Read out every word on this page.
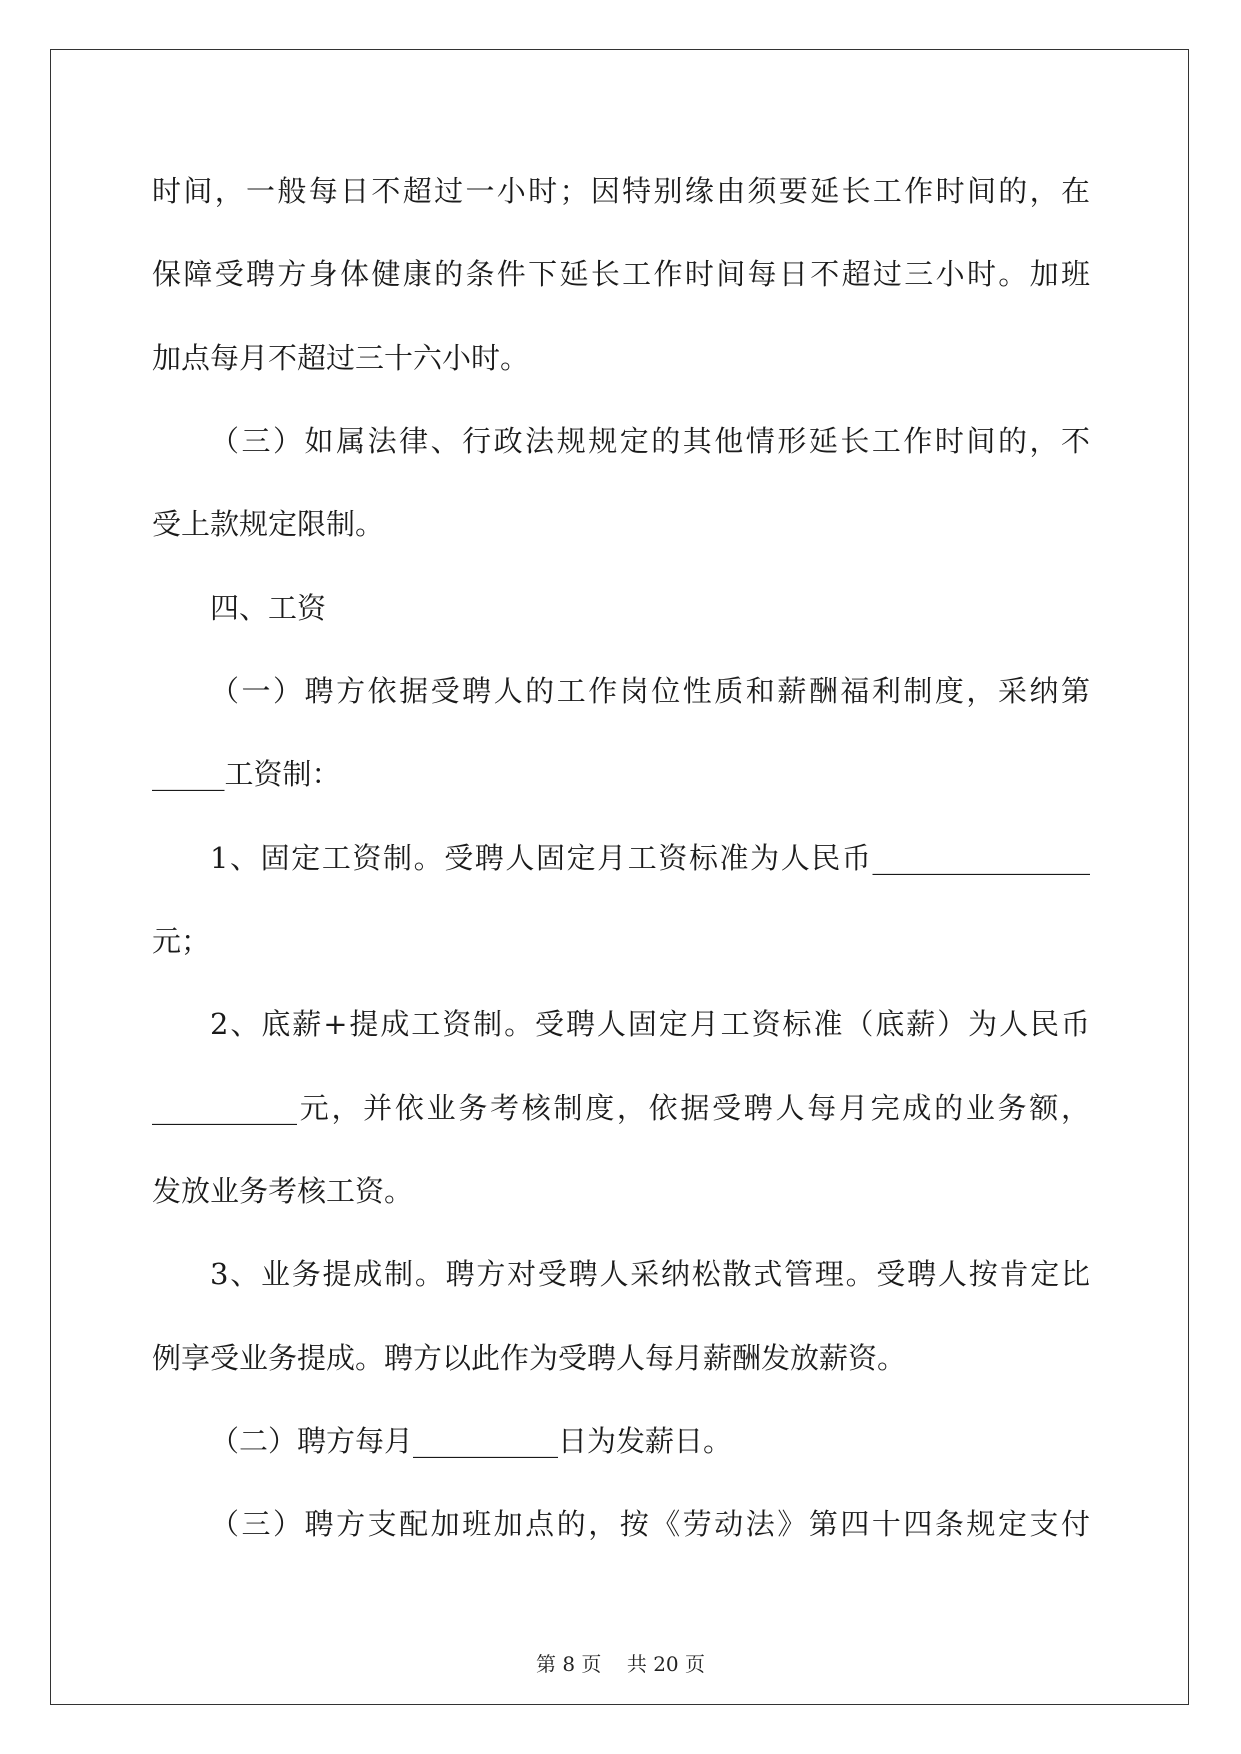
时间，一般每日不超过一小时；因特别缘由须要延长工作时间的，在
保障受聘方身体健康的条件下延长工作时间每日不超过三小时。加班
加点每月不超过三十六小时。
（三）如属法律、行政法规规定的其他情形延长工作时间的，不
受上款规定限制。
四、工资
（一）聘方依据受聘人的工作岗位性质和薪酬福利制度，采纳第
_____工资制：
1、固定工资制。受聘人固定月工资标准为人民币_______________
元；
2、底薪+提成工资制。受聘人固定月工资标准（底薪）为人民币
__________元，并依业务考核制度，依据受聘人每月完成的业务额，
发放业务考核工资。
3、业务提成制。聘方对受聘人采纳松散式管理。受聘人按肯定比
例享受业务提成。聘方以此作为受聘人每月薪酬发放薪资。
（二）聘方每月__________日为发薪日。
（三）聘方支配加班加点的，按《劳动法》第四十四条规定支付
第 8 页    共 20 页
